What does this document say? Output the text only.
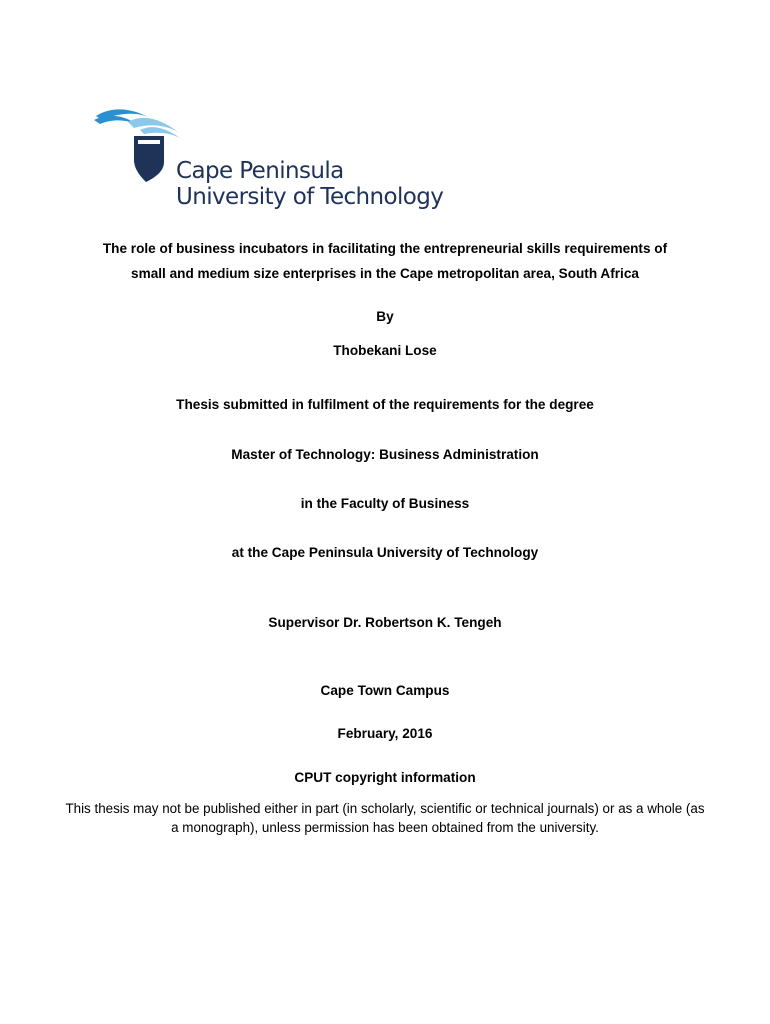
Cape Peninsula
University of Technology
The role of business incubators in facilitating the entrepreneurial skills requirements of
small and medium size enterprises in the Cape metropolitan area, South Africa
By
Thobekani Lose
Thesis submitted in fulfilment of the requirements for the degree
Master of Technology: Business Administration
in the Faculty of Business
at the Cape Peninsula University of Technology
Supervisor Dr. Robertson K. Tengeh
Cape Town Campus
February, 2016
CPUT copyright information
This thesis may not be published either in part (in scholarly, scientific or technical journals) or as a whole (as a monograph), unless permission has been obtained from the university.
